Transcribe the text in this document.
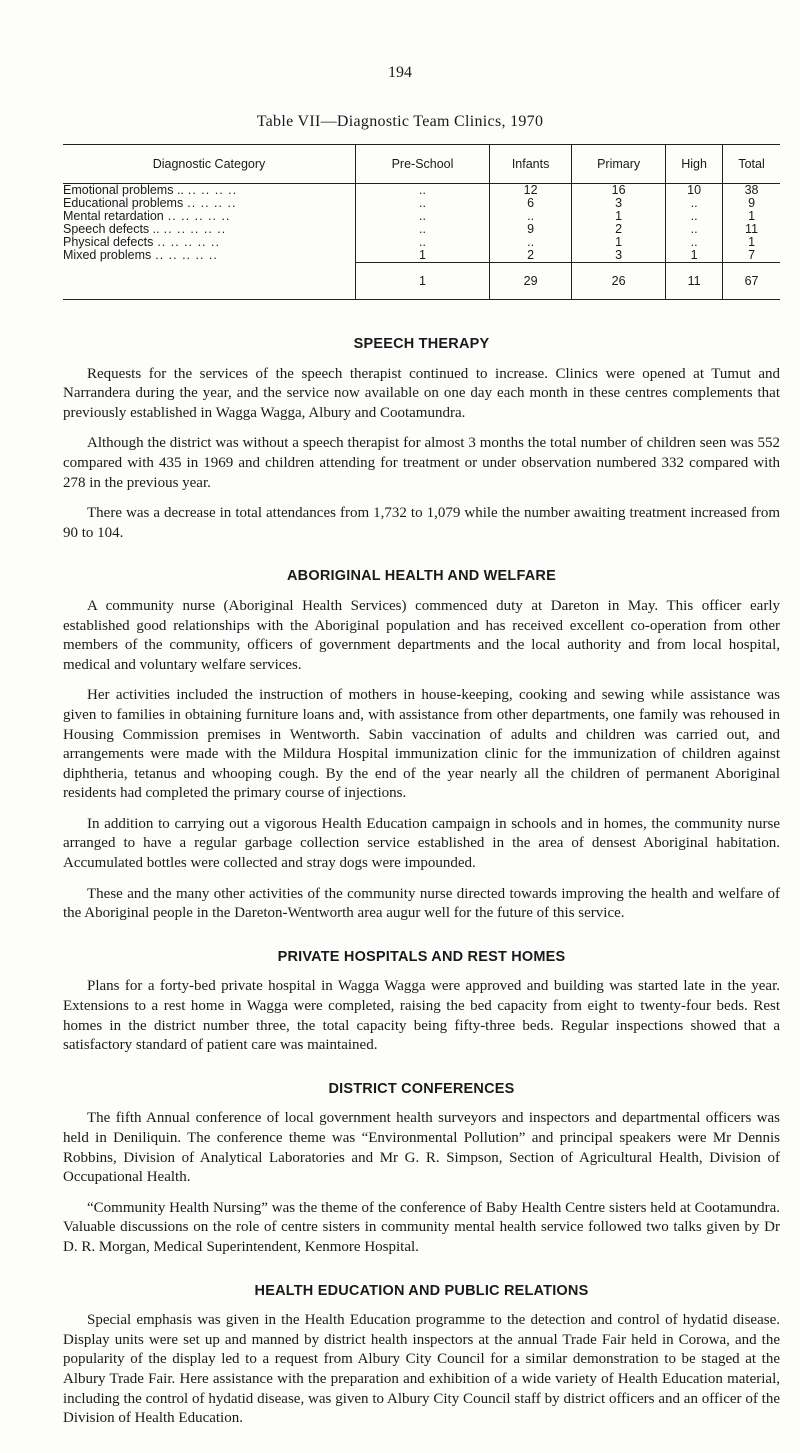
194
Table VII—Diagnostic Team Clinics, 1970
Diagnostic Category	Pre-School	Infants	Primary	High	Total

Emotional problems .. .. .. .. ..	..	12	16	10	38

Educational problems .. .. .. ..	..	6	3	..	9

Mental retardation .. .. .. .. ..	..	..	1	..	1

Speech defects .. .. .. .. .. ..	..	9	2	..	11

Physical defects .. .. .. .. ..	..	..	1	..	1

Mixed problems .. .. .. .. ..	1	2	3	1	7
	1	29	26	11	67
SPEECH THERAPY

Requests for the services of the speech therapist continued to increase. Clinics were opened at Tumut and Narrandera during the year, and the service now available on one day each month in these centres complements that previously established in Wagga Wagga, Albury and Cootamundra.

Although the district was without a speech therapist for almost 3 months the total number of children seen was 552 compared with 435 in 1969 and children attending for treatment or under observation numbered 332 compared with 278 in the previous year.

There was a decrease in total attendances from 1,732 to 1,079 while the number awaiting treatment increased from 90 to 104.

ABORIGINAL HEALTH AND WELFARE

A community nurse (Aboriginal Health Services) commenced duty at Dareton in May. This officer early established good relationships with the Aboriginal population and has received excellent co-operation from other members of the community, officers of government departments and the local authority and from local hospital, medical and voluntary welfare services.

Her activities included the instruction of mothers in house-keeping, cooking and sewing while assistance was given to families in obtaining furniture loans and, with assistance from other departments, one family was rehoused in Housing Commission premises in Wentworth. Sabin vaccination of adults and children was carried out, and arrangements were made with the Mildura Hospital immunization clinic for the immunization of children against diphtheria, tetanus and whooping cough. By the end of the year nearly all the children of permanent Aboriginal residents had completed the primary course of injections.

In addition to carrying out a vigorous Health Education campaign in schools and in homes, the community nurse arranged to have a regular garbage collection service established in the area of densest Aboriginal habitation. Accumulated bottles were collected and stray dogs were impounded.

These and the many other activities of the community nurse directed towards improving the health and welfare of the Aboriginal people in the Dareton-Wentworth area augur well for the future of this service.

PRIVATE HOSPITALS AND REST HOMES

Plans for a forty-bed private hospital in Wagga Wagga were approved and building was started late in the year. Extensions to a rest home in Wagga were completed, raising the bed capacity from eight to twenty-four beds. Rest homes in the district number three, the total capacity being fifty-three beds. Regular inspections showed that a satisfactory standard of patient care was maintained.

DISTRICT CONFERENCES

The fifth Annual conference of local government health surveyors and inspectors and departmental officers was held in Deniliquin. The conference theme was “Environmental Pollution” and principal speakers were Mr Dennis Robbins, Division of Analytical Laboratories and Mr G. R. Simpson, Section of Agricultural Health, Division of Occupational Health.

“Community Health Nursing” was the theme of the conference of Baby Health Centre sisters held at Cootamundra. Valuable discussions on the role of centre sisters in community mental health service followed two talks given by Dr D. R. Morgan, Medical Superintendent, Kenmore Hospital.

HEALTH EDUCATION AND PUBLIC RELATIONS

Special emphasis was given in the Health Education programme to the detection and control of hydatid disease. Display units were set up and manned by district health inspectors at the annual Trade Fair held in Corowa, and the popularity of the display led to a request from Albury City Council for a similar demonstration to be staged at the Albury Trade Fair. Here assistance with the preparation and exhibition of a wide variety of Health Education material, including the control of hydatid disease, was given to Albury City Council staff by district officers and an officer of the Division of Health Education.
